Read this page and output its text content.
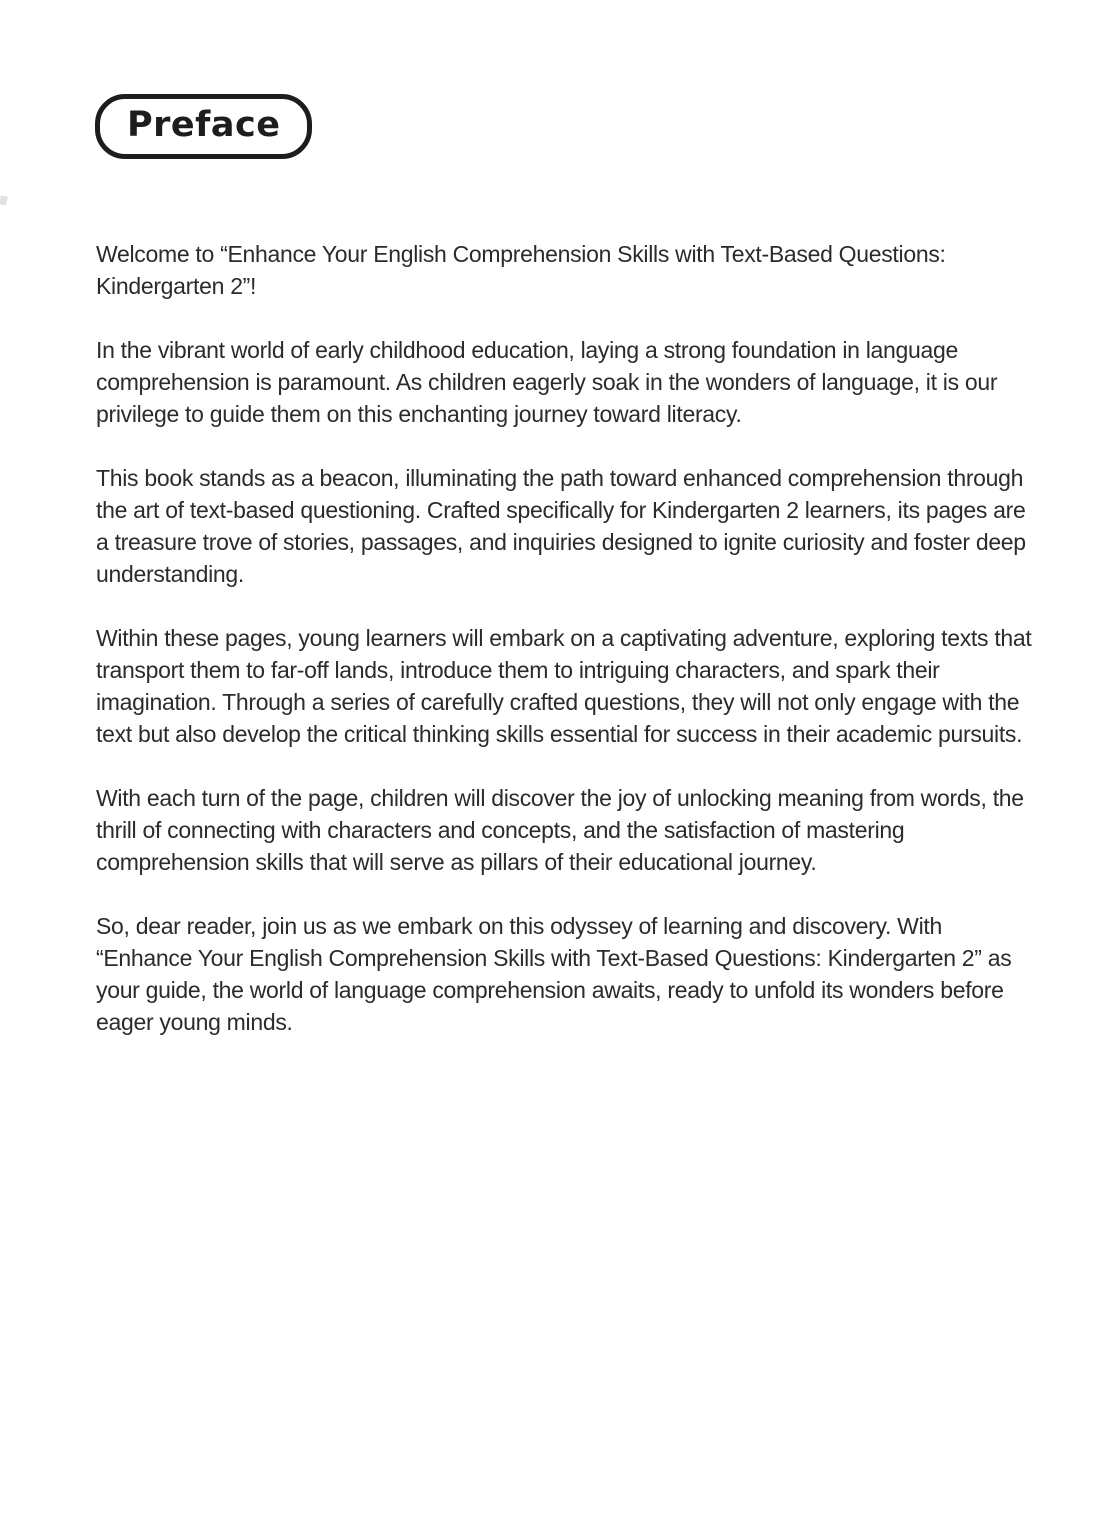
Preface

Welcome to “Enhance Your English Comprehension Skills with Text-Based Questions: Kindergarten 2”!

In the vibrant world of early childhood education, laying a strong foundation in language comprehension is paramount. As children eagerly soak in the wonders of language, it is our privilege to guide them on this enchanting journey toward literacy.

This book stands as a beacon, illuminating the path toward enhanced comprehension through the art of text-based questioning. Crafted specifically for Kindergarten 2 learners, its pages are a treasure trove of stories, passages, and inquiries designed to ignite curiosity and foster deep understanding.

Within these pages, young learners will embark on a captivating adventure, exploring texts that transport them to far-off lands, introduce them to intriguing characters, and spark their imagination. Through a series of carefully crafted questions, they will not only engage with the text but also develop the critical thinking skills essential for success in their academic pursuits.

With each turn of the page, children will discover the joy of unlocking meaning from words, the thrill of connecting with characters and concepts, and the satisfaction of mastering comprehension skills that will serve as pillars of their educational journey.

So, dear reader, join us as we embark on this odyssey of learning and discovery. With “Enhance Your English Comprehension Skills with Text-Based Questions: Kindergarten 2” as your guide, the world of language comprehension awaits, ready to unfold its wonders before eager young minds.
